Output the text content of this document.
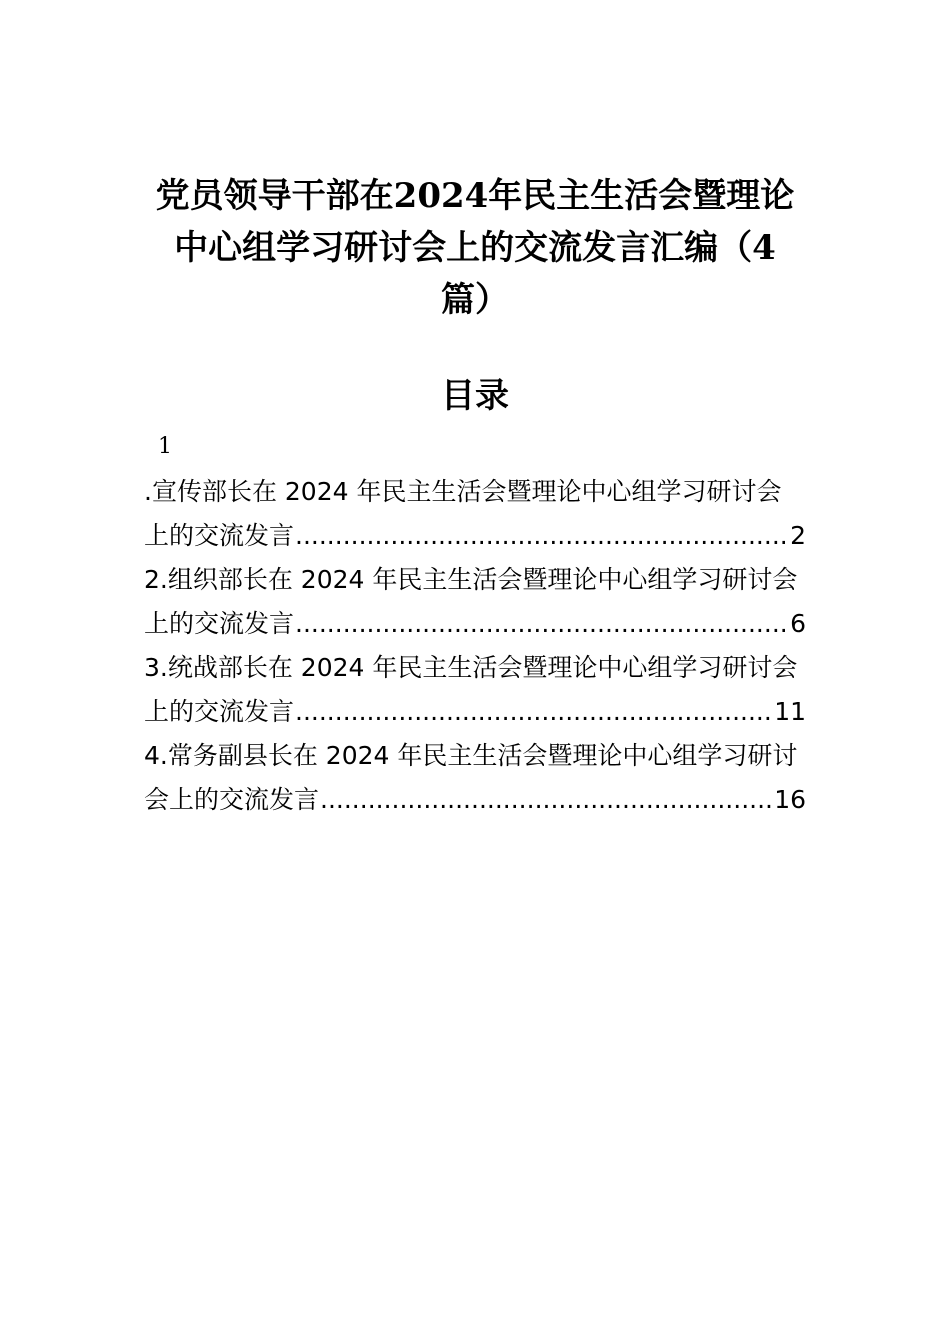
党员领导干部在2024年民主生活会暨理论
中心组学习研讨会上的交流发言汇编（4
篇）
目录
1
.宣传部长在 2024 年民主生活会暨理论中心组学习研讨会
上的交流发言 .....	2
2.组织部长在 2024 年民主生活会暨理论中心组学习研讨会
上的交流发言 .....	6
3.统战部长在 2024 年民主生活会暨理论中心组学习研讨会
上的交流发言 .....	11
4.常务副县长在 2024 年民主生活会暨理论中心组学习研讨
会上的交流发言 .....	16
